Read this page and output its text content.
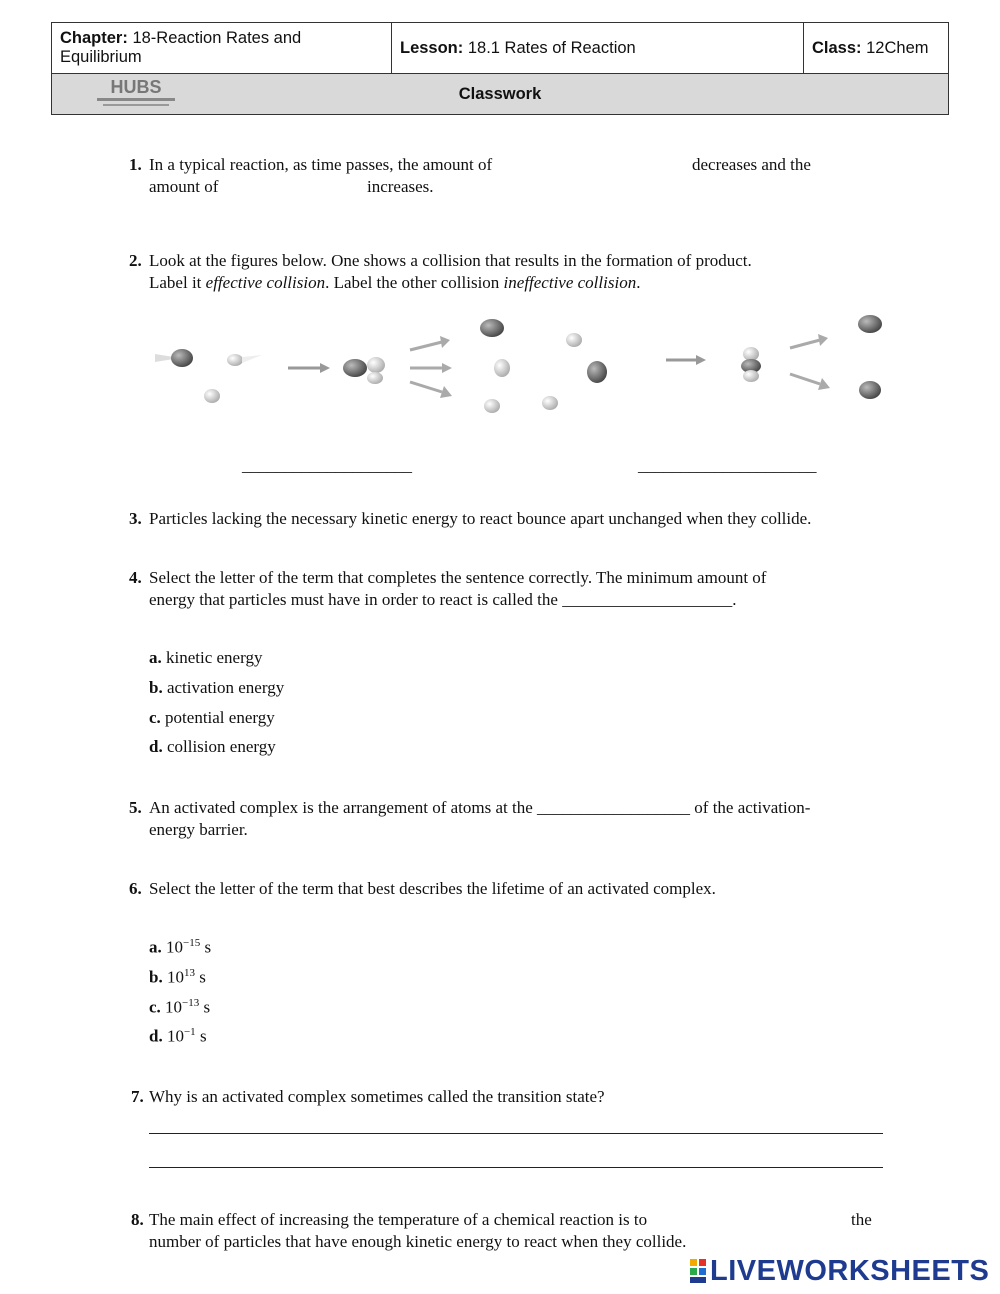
Chapter: 18-Reaction Rates and Equilibrium	Lesson: 18.1 Rates of Reaction	Class: 12Chem
Classwork
HUBS
1. In a typical reaction, as time passes, the amount of	decreases and the
amount of	increases.
2. Look at the figures below. One shows a collision that results in the formation of product.
Label it effective collision. Label the other collision ineffective collision.
____________________	_____________________
3. Particles lacking the necessary kinetic energy to react bounce apart unchanged when they collide.
4. Select the letter of the term that completes the sentence correctly. The minimum amount of
energy that particles must have in order to react is called the ____________________.
a. kinetic energy
b. activation energy
c. potential energy
d. collision energy
5. An activated complex is the arrangement of atoms at the __________________ of the activation-
energy barrier.
6. Select the letter of the term that best describes the lifetime of an activated complex.
a. $10^{-15}$ s
b. $10^{13}$ s
c. $10^{-13}$ s
d. $10^{-1}$ s
7. Why is an activated complex sometimes called the transition state?
8. The main effect of increasing the temperature of a chemical reaction is to	the
number of particles that have enough kinetic energy to react when they collide.
LIVEWORKSHEETS
